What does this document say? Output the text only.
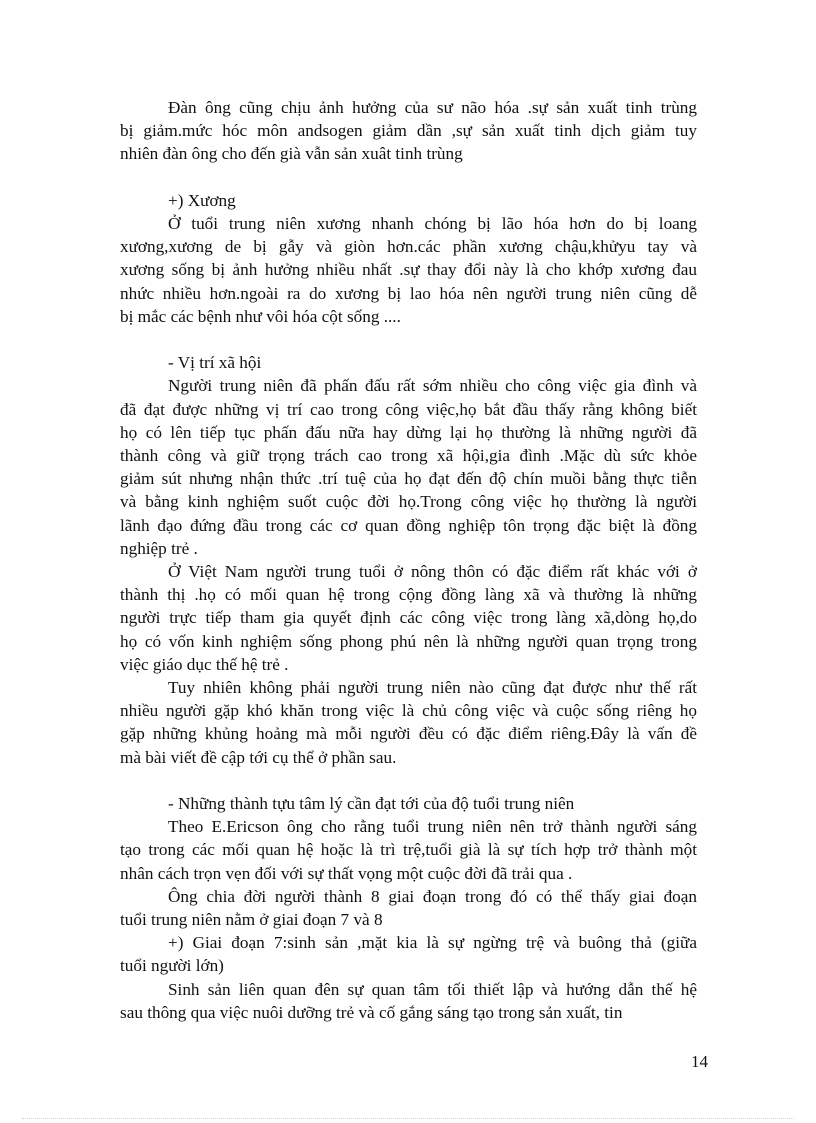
Đàn ông cũng chịu ảnh hưởng của sư não hóa .sự sản xuất tinh trùng
bị giảm.mức hóc môn andsogen giảm dần ,sự sản xuất tinh dịch giảm tuy
nhiên đàn ông cho đến già vẫn sản xuât tinh trùng
+) Xương
Ở tuổi trung niên xương nhanh chóng bị lão hóa hơn do bị loang
xương,xương de bị gẫy và giòn hơn.các phần xương chậu,khửyu tay và
xương sống bị ảnh hưởng nhiều nhất .sự thay đổi này là cho khớp xương đau
nhức nhiều hơn.ngoài ra do xương bị lao hóa nên người trung niên cũng dễ
bị mắc các bệnh như vôi hóa cột sống ....
- Vị trí xã hội
Người trung niên đã phấn đấu rất sớm nhiều cho công việc gia đình và
đã đạt được những vị trí cao trong công việc,họ bắt đầu thấy rằng không biết
họ có lên tiếp tục phấn đấu nữa hay dừng lại họ thường là những người đã
thành công và giữ trọng trách cao trong xã hội,gia đình .Mặc dù sức khỏe
giảm sút nhưng nhận thức .trí tuệ của họ đạt đến độ chín muồi bằng thực tiễn
và bằng kinh nghiệm suốt cuộc đời họ.Trong công việc họ thường là người
lãnh đạo đứng đầu trong các cơ quan đồng nghiệp tôn trọng đặc biệt là đồng
nghiệp trẻ .
Ở Việt Nam người trung tuổi ở nông thôn có đặc điểm rất khác với ở
thành thị .họ có mối quan hệ trong cộng đồng làng xã và thường là những
người trực tiếp tham gia quyết định các công việc trong làng xã,dòng họ,do
họ có vốn kinh nghiệm sống phong phú nên là những người quan trọng trong
việc giáo dục thế hệ trẻ .
Tuy nhiên không phải người trung niên nào cũng đạt được như thế rất
nhiều người gặp khó khăn trong việc là chủ công việc và cuộc sống riêng họ
gặp những khủng hoảng mà mỗi người đều có đặc điểm riêng.Đây là vấn đề
mà bài viết đề cập tới cụ thể ở phần sau.
- Những thành tựu tâm lý cần đạt tới của độ tuổi trung niên
Theo E.Ericson ông cho rằng tuổi trung niên nên trở thành người sáng
tạo trong các mối quan hệ hoặc là trì trệ,tuổi già là sự tích hợp trở thành một
nhân cách trọn vẹn đối với sự thất vọng một cuộc đời đã trải qua .
Ông chia đời người thành 8 giai đoạn trong đó có thể thấy giai đoạn
tuổi trung niên nằm ở giai đoạn 7 và 8
+) Giai đoạn 7:sinh sản ,mặt kia là sự ngừng trệ và buông thả (giữa
tuổi người lớn)
Sinh sản liên quan đên sự quan tâm tối thiết lập và hướng dẫn thế hệ
sau thông qua việc nuôi dưỡng trẻ và cố gắng sáng tạo trong sản xuất, tin
14
